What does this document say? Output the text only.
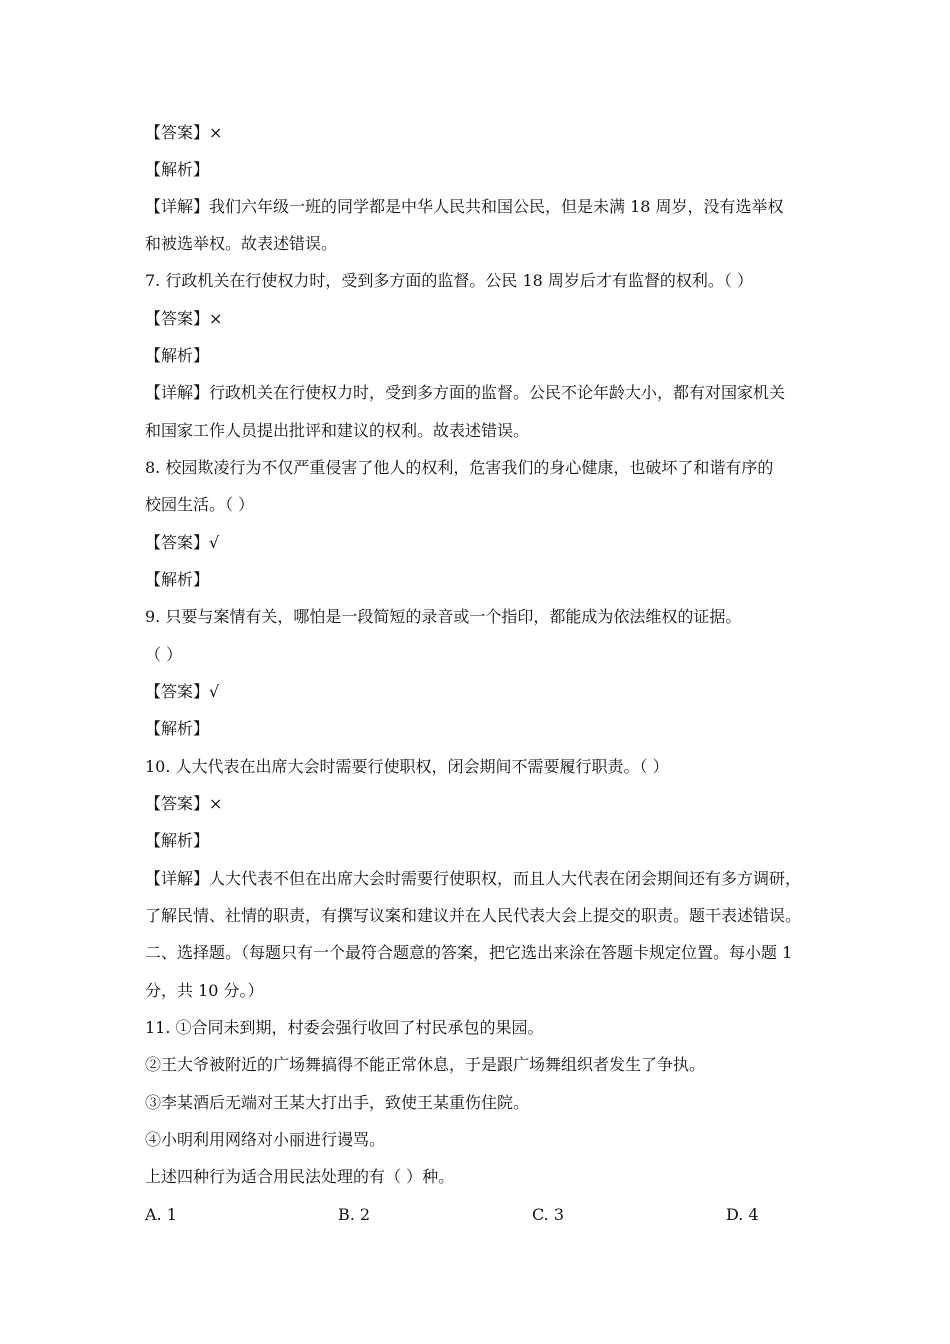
【答案】×
【解析】
【详解】我们六年级一班的同学都是中华人民共和国公民，但是未满 18 周岁，没有选举权
和被选举权。故表述错误。
7. 行政机关在行使权力时，受到多方面的监督。公民 18 周岁后才有监督的权利。（ ）
【答案】×
【解析】
【详解】行政机关在行使权力时，受到多方面的监督。公民不论年龄大小，都有对国家机关
和国家工作人员提出批评和建议的权利。故表述错误。
8. 校园欺凌行为不仅严重侵害了他人的权利，危害我们的身心健康，也破坏了和谐有序的
校园生活。（ ）
【答案】√
【解析】
9. 只要与案情有关，哪怕是一段简短的录音或一个指印，都能成为依法维权的证据。
（ ）
【答案】√
【解析】
10. 人大代表在出席大会时需要行使职权，闭会期间不需要履行职责。（ ）
【答案】×
【解析】
【详解】人大代表不但在出席大会时需要行使职权，而且人大代表在闭会期间还有多方调研，
了解民情、社情的职责，有撰写议案和建议并在人民代表大会上提交的职责。题干表述错误。
二、选择题。（每题只有一个最符合题意的答案，把它选出来涂在答题卡规定位置。每小题 1
分，共 10 分。）
11. ①合同未到期，村委会强行收回了村民承包的果园。
②王大爷被附近的广场舞搞得不能正常休息，于是跟广场舞组织者发生了争执。
③李某酒后无端对王某大打出手，致使王某重伤住院。
④小明利用网络对小丽进行谩骂。
上述四种行为适合用民法处理的有（ ）种。
A. 1	B. 2	C. 3	D. 4
